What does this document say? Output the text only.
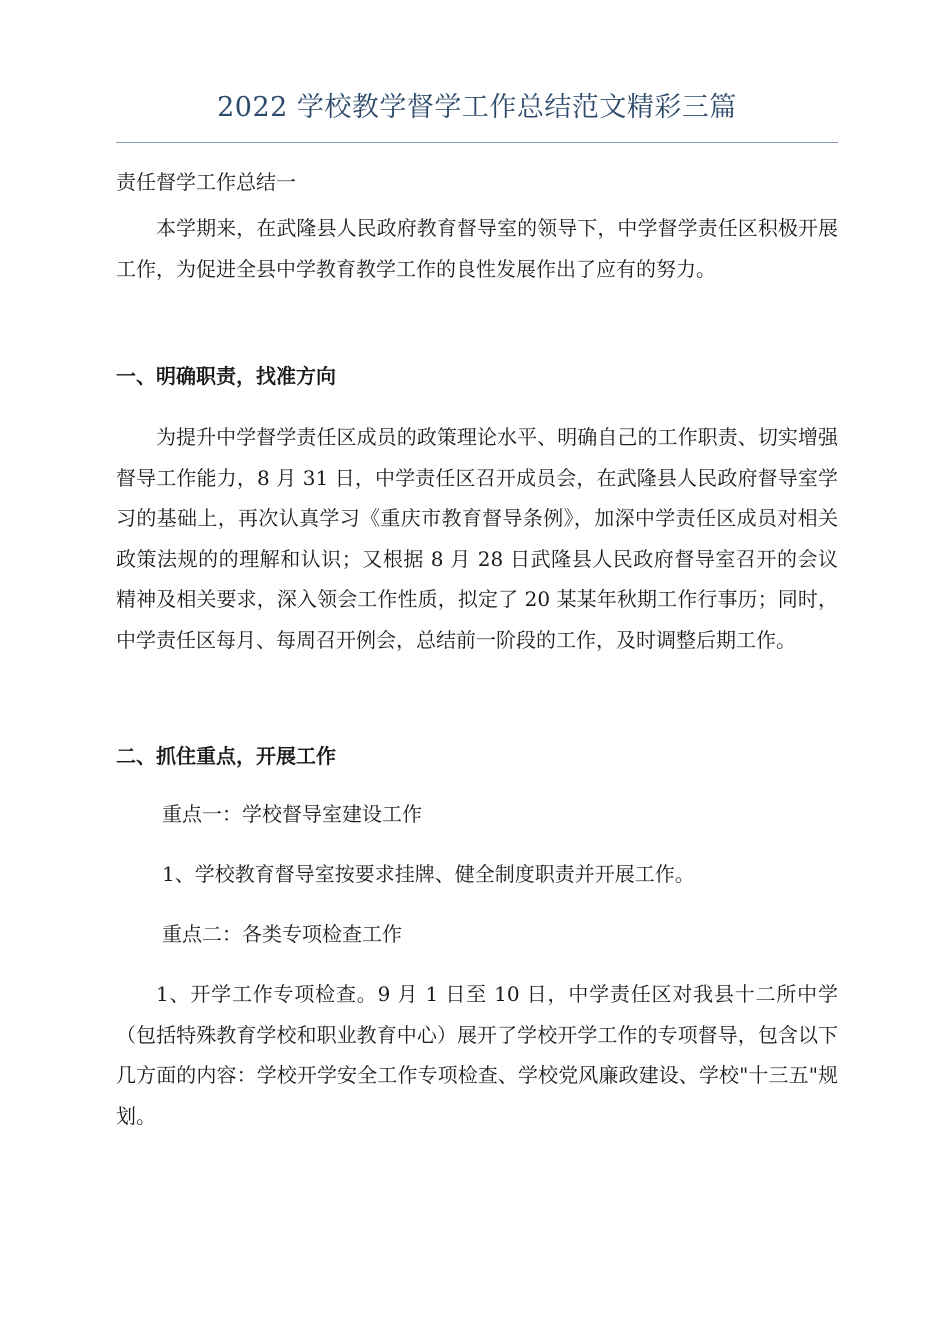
2022 学校教学督学工作总结范文精彩三篇
责任督学工作总结一
本学期来，在武隆县人民政府教育督导室的领导下，中学督学责任区积极开展工作，为促进全县中学教育教学工作的良性发展作出了应有的努力。
一、明确职责，找准方向
为提升中学督学责任区成员的政策理论水平、明确自己的工作职责、切实增强督导工作能力，8 月 31 日，中学责任区召开成员会，在武隆县人民政府督导室学习的基础上，再次认真学习《重庆市教育督导条例》，加深中学责任区成员对相关政策法规的的理解和认识；又根据 8 月 28 日武隆县人民政府督导室召开的会议精神及相关要求，深入领会工作性质，拟定了 20 某某年秋期工作行事历；同时，中学责任区每月、每周召开例会，总结前一阶段的工作，及时调整后期工作。
二、抓住重点，开展工作
重点一：学校督导室建设工作
1、学校教育督导室按要求挂牌、健全制度职责并开展工作。
重点二：各类专项检查工作
1、开学工作专项检查。9 月 1 日至 10 日，中学责任区对我县十二所中学（包括特殊教育学校和职业教育中心）展开了学校开学工作的专项督导，包含以下几方面的内容：学校开学安全工作专项检查、学校党风廉政建设、学校"十三五"规划。
